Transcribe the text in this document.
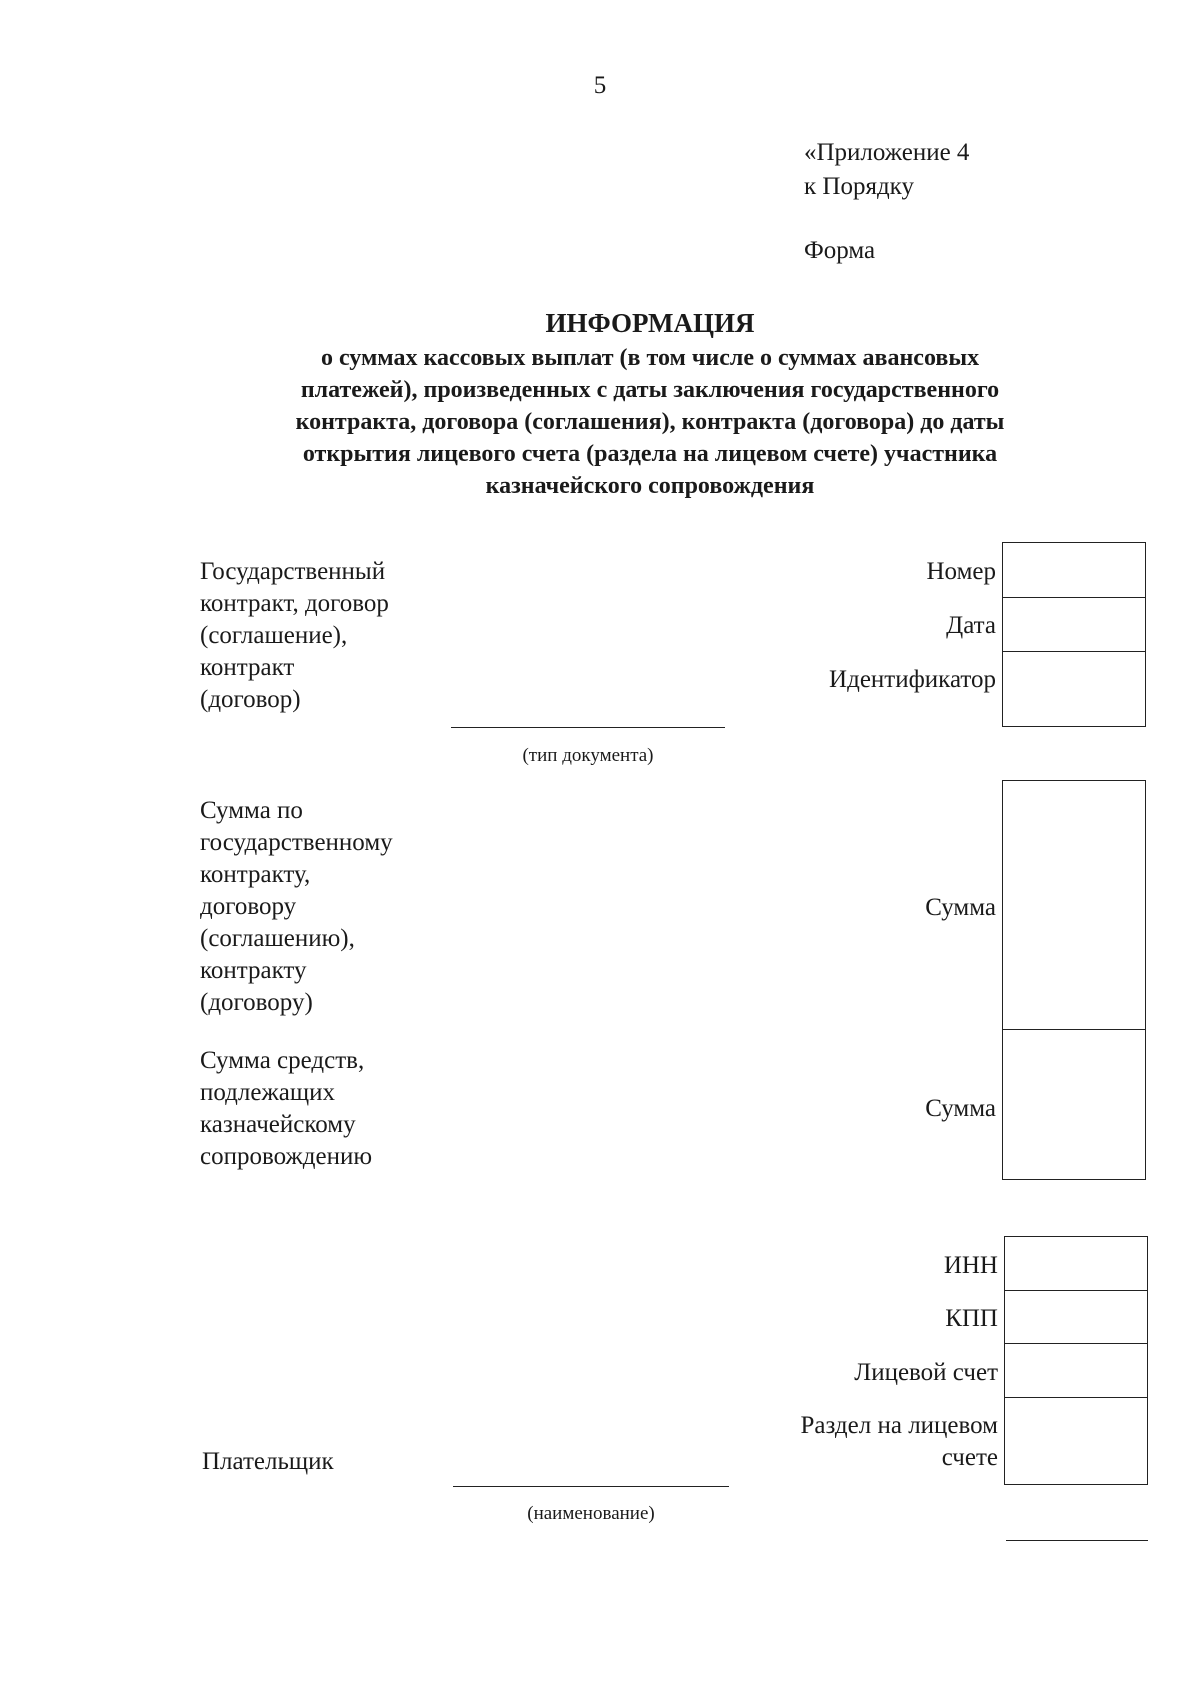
5
«Приложение 4
к Порядку
Форма
ИНФОРМАЦИЯ
о суммах кассовых выплат (в том числе о суммах авансовых
платежей), произведенных с даты заключения государственного
контракта, договора (соглашения), контракта (договора) до даты
открытия лицевого счета (раздела на лицевом счете) участника
казначейского сопровождения
Государственный
контракт, договор
(соглашение),
контракт
(договор)
(тип документа)
Номер
Дата
Идентификатор
Сумма по
государственному
контракту,
договору
(соглашению),
контракту
(договору)
Сумма
Сумма средств,
подлежащих
казначейскому
сопровождению
Сумма
ИНН
КПП
Лицевой счет
Раздел на лицевом
счете
Плательщик
(наименование)
